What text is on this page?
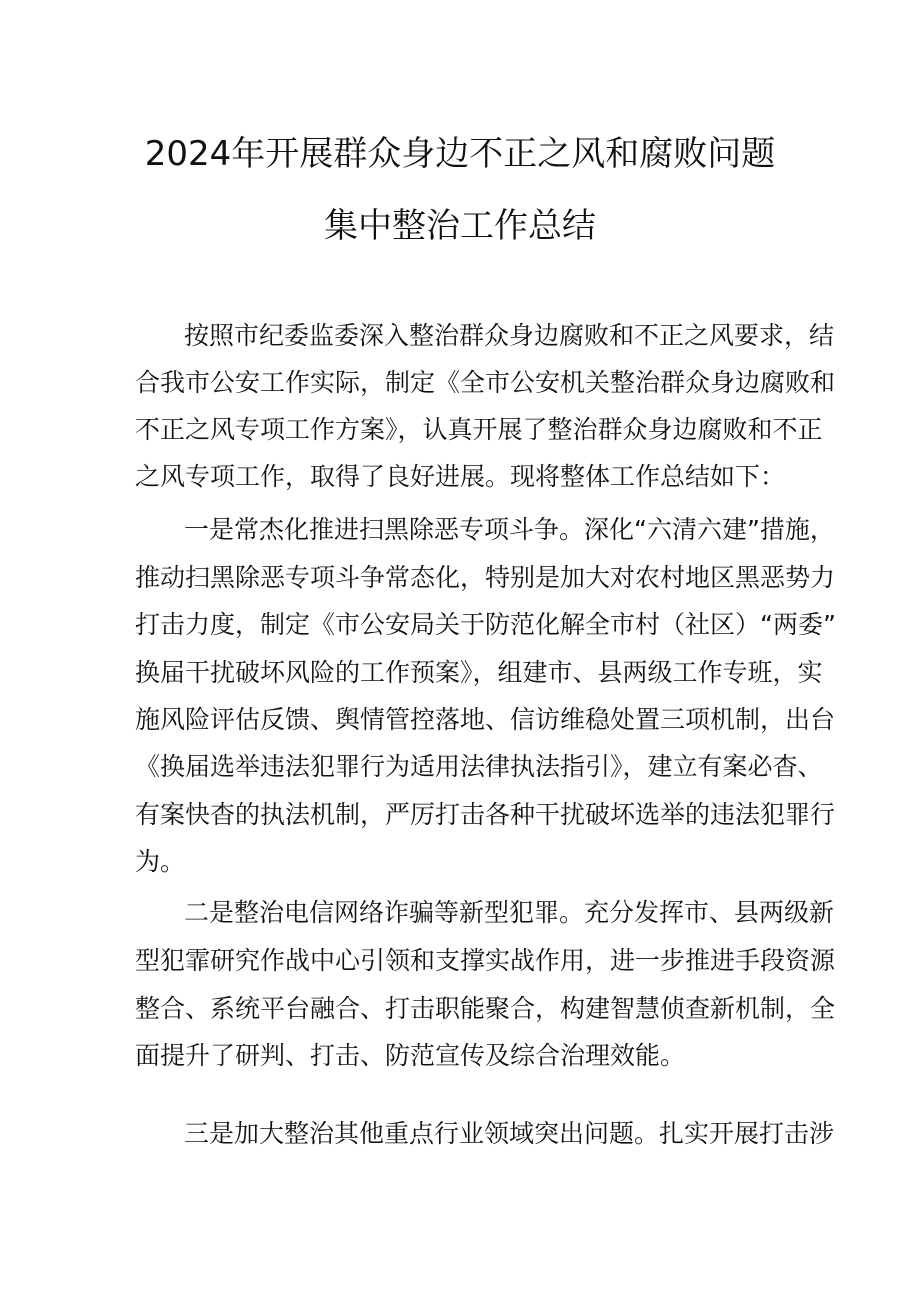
2024年开展群众身边不正之风和腐败问题
集中整治工作总结
按照市纪委监委深入整治群众身边腐败和不正之风要求，结
合我市公安工作实际，制定《全市公安机关整治群众身边腐败和
不正之风专项工作方案》，认真开展了整治群众身边腐败和不正
之风专项工作，取得了良好进展。现将整体工作总结如下：
一是常杰化推进扫黑除恶专项斗争。深化“六清六建”措施，
推动扫黑除恶专项斗争常态化，特别是加大对农村地区黑恶势力
打击力度，制定《市公安局关于防范化解全市村（社区）“两委”
换届干扰破坏风险的工作预案》，组建市、县两级工作专班，实
施风险评估反馈、舆情管控落地、信访维稳处置三项机制，出台
《换届选举违法犯罪行为适用法律执法指引》，建立有案必杳、
有案快杳的执法机制，严厉打击各种干扰破坏选举的违法犯罪行
为。
二是整治电信网络诈骗等新型犯罪。充分发挥市、县两级新
型犯霏研究作战中心引领和支撑实战作用，进一步推进手段资源
整合、系统平台融合、打击职能聚合，构建智慧侦查新机制，全
面提升了研判、打击、防范宣传及综合治理效能。
三是加大整治其他重点行业领域突出问题。扎实开展打击涉
